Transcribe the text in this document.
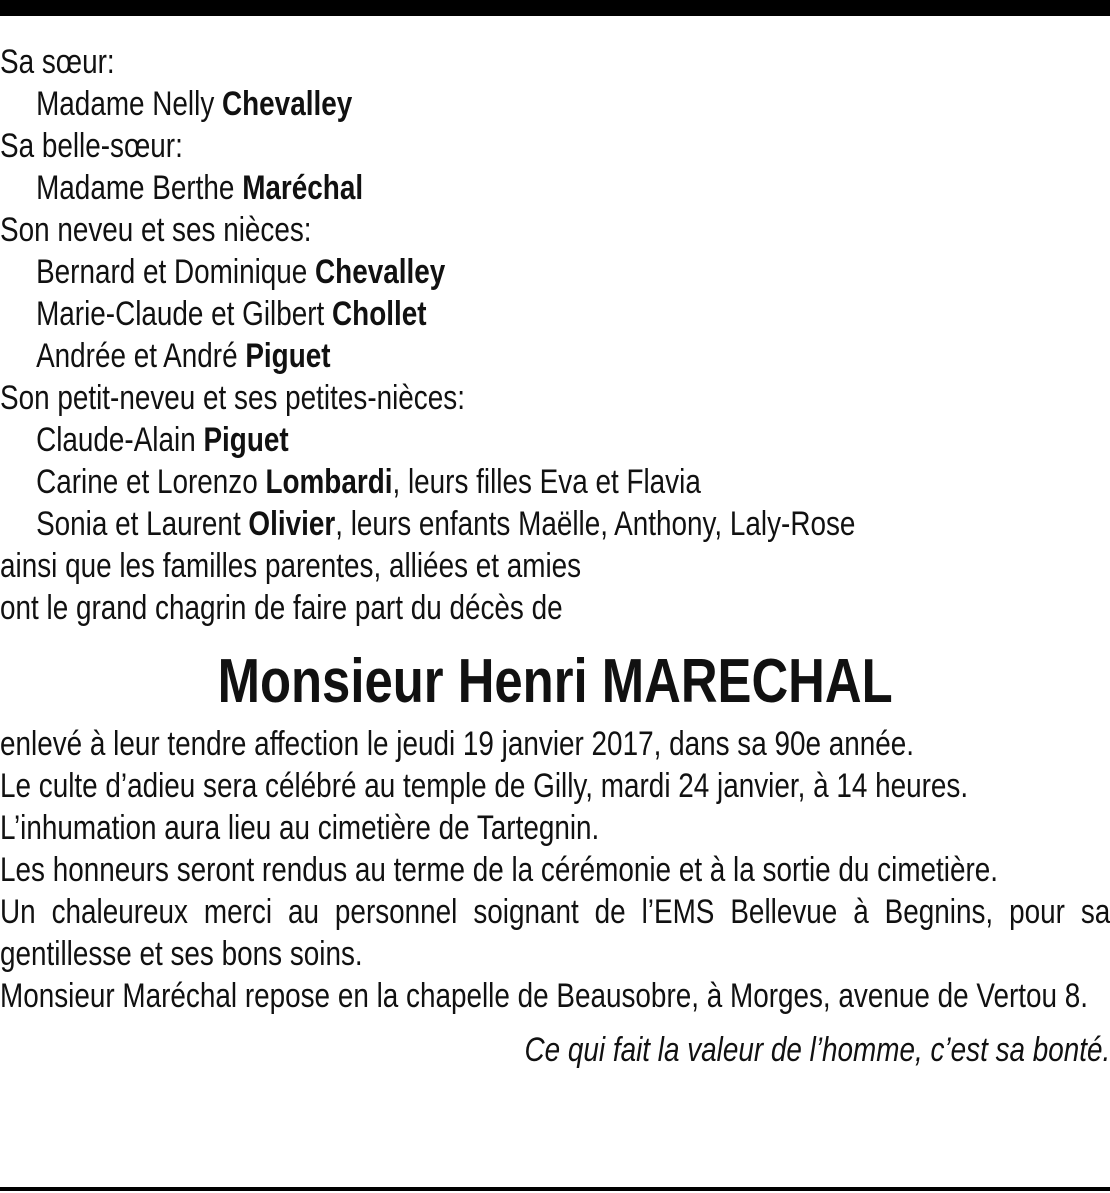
Sa sœur:
Madame Nelly Chevalley
Sa belle-sœur:
Madame Berthe Maréchal
Son neveu et ses nièces:
Bernard et Dominique Chevalley
Marie-Claude et Gilbert Chollet
Andrée et André Piguet
Son petit-neveu et ses petites-nièces:
Claude-Alain Piguet
Carine et Lorenzo Lombardi, leurs filles Eva et Flavia
Sonia et Laurent Olivier, leurs enfants Maëlle, Anthony, Laly-Rose
ainsi que les familles parentes, alliées et amies
ont le grand chagrin de faire part du décès de
Monsieur Henri MARECHAL
enlevé à leur tendre affection le jeudi 19 janvier 2017, dans sa 90e année.
Le culte d’adieu sera célébré au temple de Gilly, mardi 24 janvier, à 14 heures.
L’inhumation aura lieu au cimetière de Tartegnin.
Les honneurs seront rendus au terme de la cérémonie et à la sortie du cimetière.
Un chaleureux merci au personnel soignant de l’EMS Bellevue à Begnins, pour sa gentillesse et ses bons soins.
Monsieur Maréchal repose en la chapelle de Beausobre, à Morges, avenue de Vertou 8.
Ce qui fait la valeur de l’homme, c’est sa bonté.
